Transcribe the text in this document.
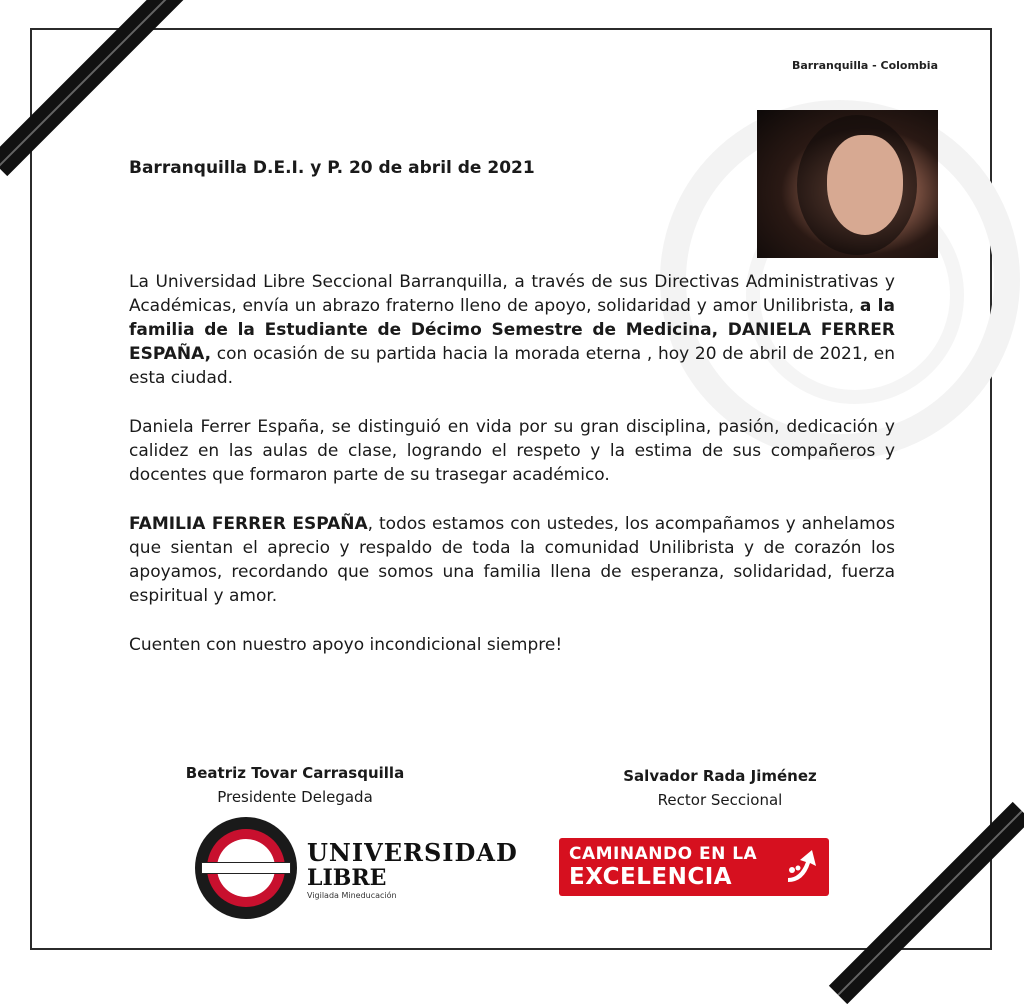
Barranquilla - Colombia
Barranquilla D.E.I. y P. 20 de abril de 2021

La Universidad Libre Seccional Barranquilla, a través de sus Directivas Administrativas y Académicas, envía un abrazo fraterno lleno de apoyo, solidaridad y amor Unilibrista, a la familia de la Estudiante de Décimo Semestre de Medicina, DANIELA FERRER ESPAÑA, con ocasión de su partida hacia la morada eterna , hoy 20 de abril de 2021, en esta ciudad.

Daniela Ferrer España, se distinguió en vida por su gran disciplina, pasión, dedicación y calidez en las aulas de clase, logrando el respeto y la estima de sus compañeros y docentes que formaron parte de su trasegar académico.

FAMILIA FERRER ESPAÑA, todos estamos con ustedes, los acompañamos y anhelamos que sientan el aprecio y respaldo de toda la comunidad Unilibrista y de corazón los apoyamos, recordando que somos una familia llena de esperanza, solidaridad, fuerza espiritual y amor.

Cuenten con nuestro apoyo incondicional siempre!

Beatriz Tovar Carrasquilla
Presidente Delegada
Salvador Rada Jiménez
Rector Seccional
UNIVERSIDAD
LIBRE
Vigilada Mineducación
CAMINANDO EN LA
EXCELENCIA
